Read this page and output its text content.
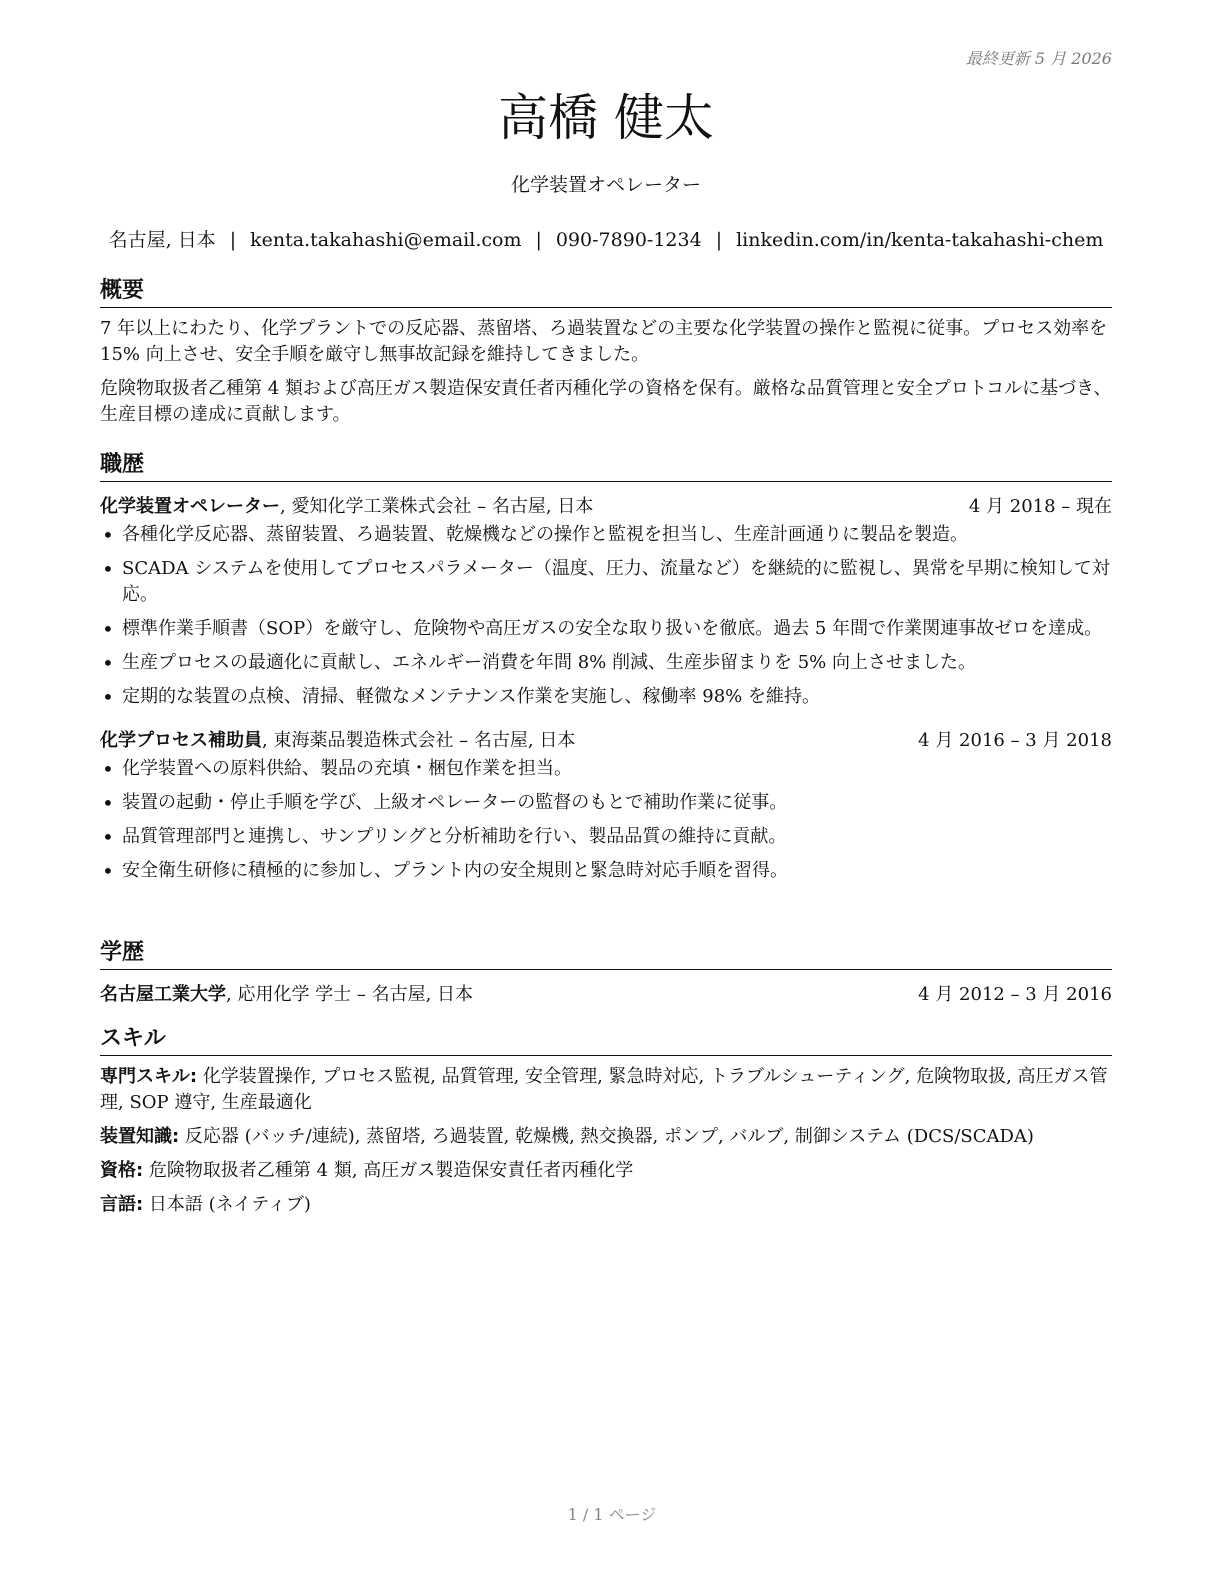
最終更新 5 月 2026
高橋 健太
化学装置オペレーター
名古屋, 日本 | kenta.takahashi@email.com | 090-7890-1234 | linkedin.com/in/kenta-takahashi-chem
概要

7 年以上にわたり、化学プラントでの反応器、蒸留塔、ろ過装置などの主要な化学装置の操作と監視に従事。プロセス効率を 15% 向上させ、安全手順を厳守し無事故記録を維持してきました。

危険物取扱者乙種第 4 類および高圧ガス製造保安責任者丙種化学の資格を保有。厳格な品質管理と安全プロトコルに基づき、生産目標の達成に貢献します。

職歴
化学装置オペレーター, 愛知化学工業株式会社 – 名古屋, 日本	4 月 2018 – 現在
• 各種化学反応器、蒸留装置、ろ過装置、乾燥機などの操作と監視を担当し、生産計画通りに製品を製造。
• SCADA システムを使用してプロセスパラメーター（温度、圧力、流量など）を継続的に監視し、異常を早期に検知して対応。
• 標準作業手順書（SOP）を厳守し、危険物や高圧ガスの安全な取り扱いを徹底。過去 5 年間で作業関連事故ゼロを達成。
• 生産プロセスの最適化に貢献し、エネルギー消費を年間 8% 削減、生産歩留まりを 5% 向上させました。
• 定期的な装置の点検、清掃、軽微なメンテナンス作業を実施し、稼働率 98% を維持。
化学プロセス補助員, 東海薬品製造株式会社 – 名古屋, 日本	4 月 2016 – 3 月 2018
• 化学装置への原料供給、製品の充填・梱包作業を担当。
• 装置の起動・停止手順を学び、上級オペレーターの監督のもとで補助作業に従事。
• 品質管理部門と連携し、サンプリングと分析補助を行い、製品品質の維持に貢献。
• 安全衛生研修に積極的に参加し、プラント内の安全規則と緊急時対応手順を習得。
学歴
名古屋工業大学, 応用化学 学士 – 名古屋, 日本	4 月 2012 – 3 月 2016
スキル

専門スキル: 化学装置操作, プロセス監視, 品質管理, 安全管理, 緊急時対応, トラブルシューティング, 危険物取扱, 高圧ガス管理, SOP 遵守, 生産最適化

装置知識: 反応器 (バッチ/連続), 蒸留塔, ろ過装置, 乾燥機, 熱交換器, ポンプ, バルブ, 制御システム (DCS/SCADA)

資格: 危険物取扱者乙種第 4 類, 高圧ガス製造保安責任者丙種化学

言語: 日本語 (ネイティブ)

1 / 1 ページ
